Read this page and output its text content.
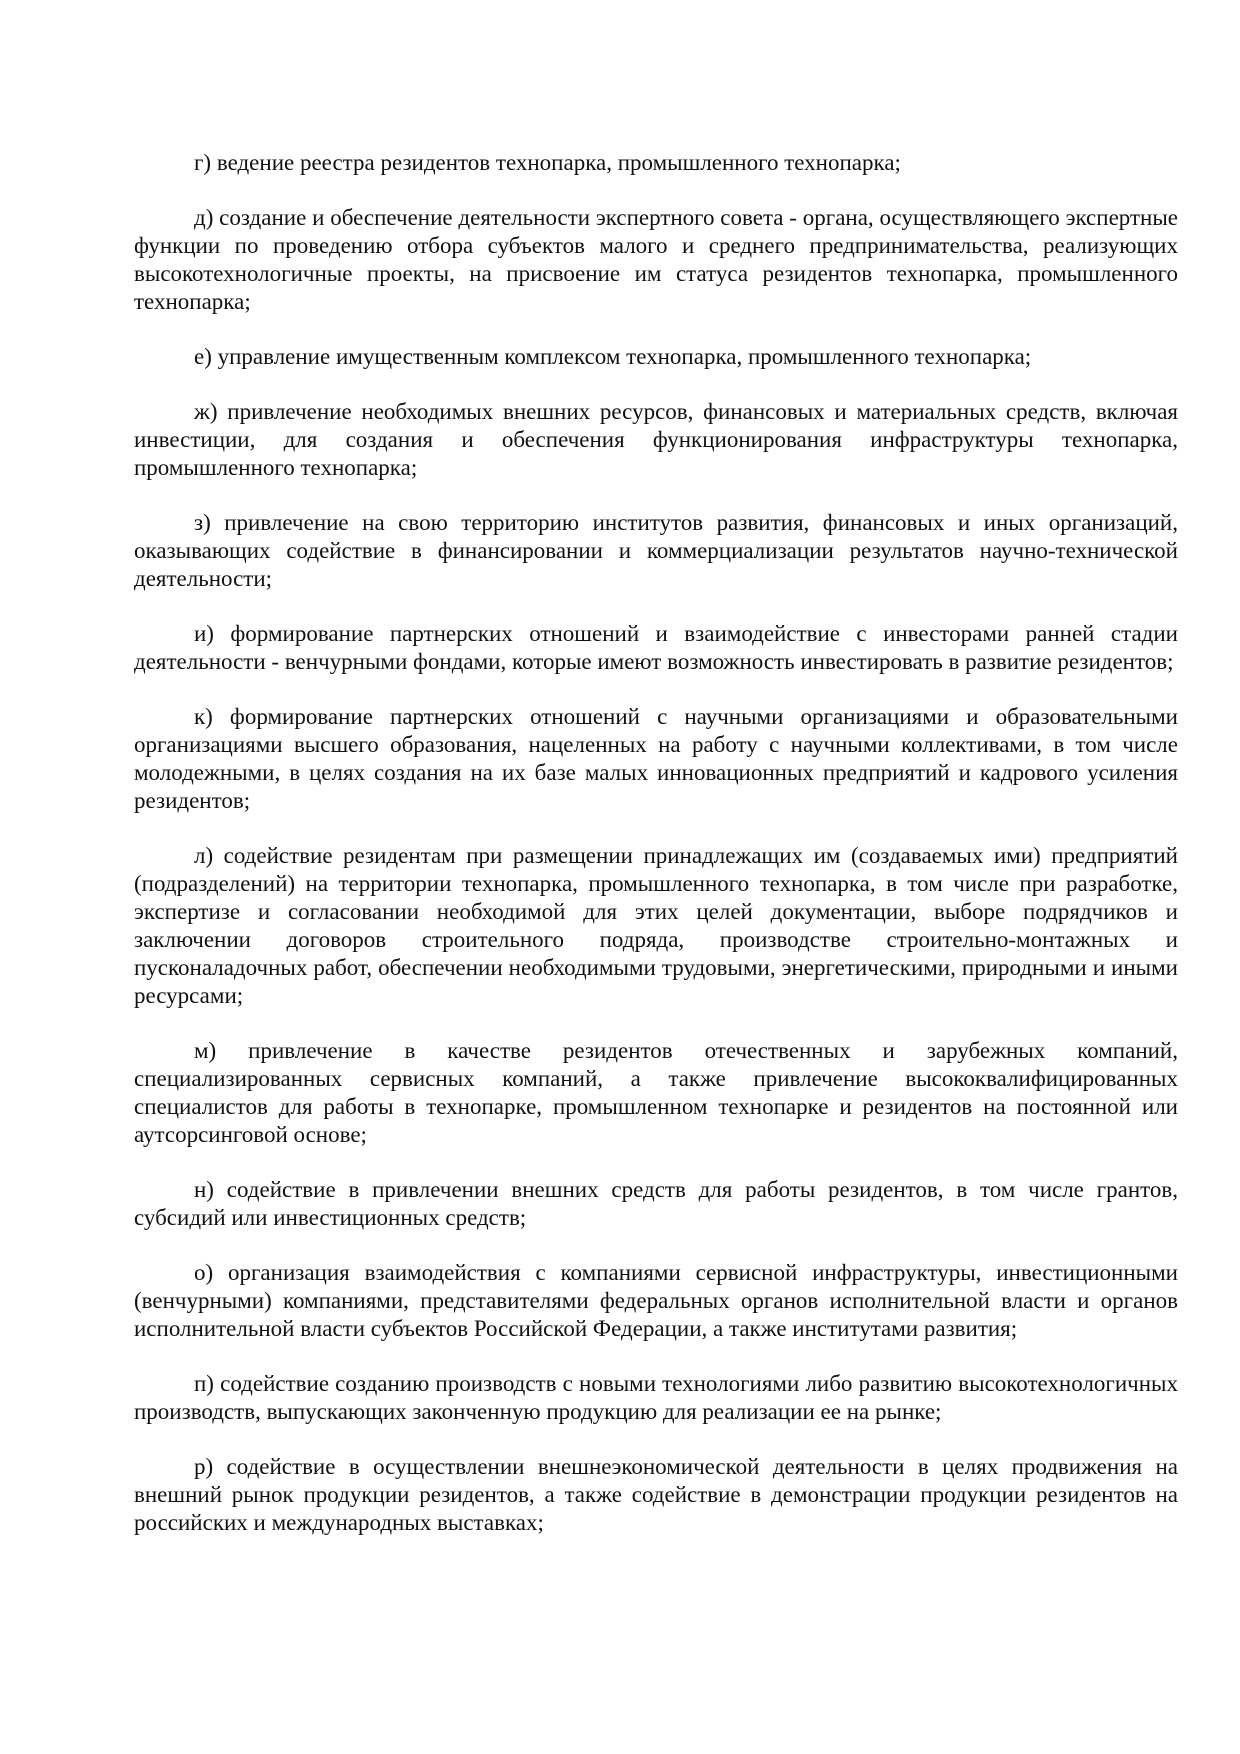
г) ведение реестра резидентов технопарка, промышленного технопарка;

д) создание и обеспечение деятельности экспертного совета - органа, осуществляющего экспертные функции по проведению отбора субъектов малого и среднего предпринимательства, реализующих высокотехнологичные проекты, на присвоение им статуса резидентов технопарка, промышленного технопарка;

е) управление имущественным комплексом технопарка, промышленного технопарка;

ж) привлечение необходимых внешних ресурсов, финансовых и материальных средств, включая инвестиции, для создания и обеспечения функционирования инфраструктуры технопарка, промышленного технопарка;

з) привлечение на свою территорию институтов развития, финансовых и иных организаций, оказывающих содействие в финансировании и коммерциализации результатов научно-технической деятельности;

и) формирование партнерских отношений и взаимодействие с инвесторами ранней стадии деятельности - венчурными фондами, которые имеют возможность инвестировать в развитие резидентов;

к) формирование партнерских отношений с научными организациями и образовательными организациями высшего образования, нацеленных на работу с научными коллективами, в том числе молодежными, в целях создания на их базе малых инновационных предприятий и кадрового усиления резидентов;

л) содействие резидентам при размещении принадлежащих им (создаваемых ими) предприятий (подразделений) на территории технопарка, промышленного технопарка, в том числе при разработке, экспертизе и согласовании необходимой для этих целей документации, выборе подрядчиков и заключении договоров строительного подряда, производстве строительно-монтажных и пусконаладочных работ, обеспечении необходимыми трудовыми, энергетическими, природными и иными ресурсами;

м) привлечение в качестве резидентов отечественных и зарубежных компаний, специализированных сервисных компаний, а также привлечение высококвалифицированных специалистов для работы в технопарке, промышленном технопарке и резидентов на постоянной или аутсорсинговой основе;

н) содействие в привлечении внешних средств для работы резидентов, в том числе грантов, субсидий или инвестиционных средств;

о) организация взаимодействия с компаниями сервисной инфраструктуры, инвестиционными (венчурными) компаниями, представителями федеральных органов исполнительной власти и органов исполнительной власти субъектов Российской Федерации, а также институтами развития;

п) содействие созданию производств с новыми технологиями либо развитию высокотехнологичных производств, выпускающих законченную продукцию для реализации ее на рынке;

р) содействие в осуществлении внешнеэкономической деятельности в целях продвижения на внешний рынок продукции резидентов, а также содействие в демонстрации продукции резидентов на российских и международных выставках;
